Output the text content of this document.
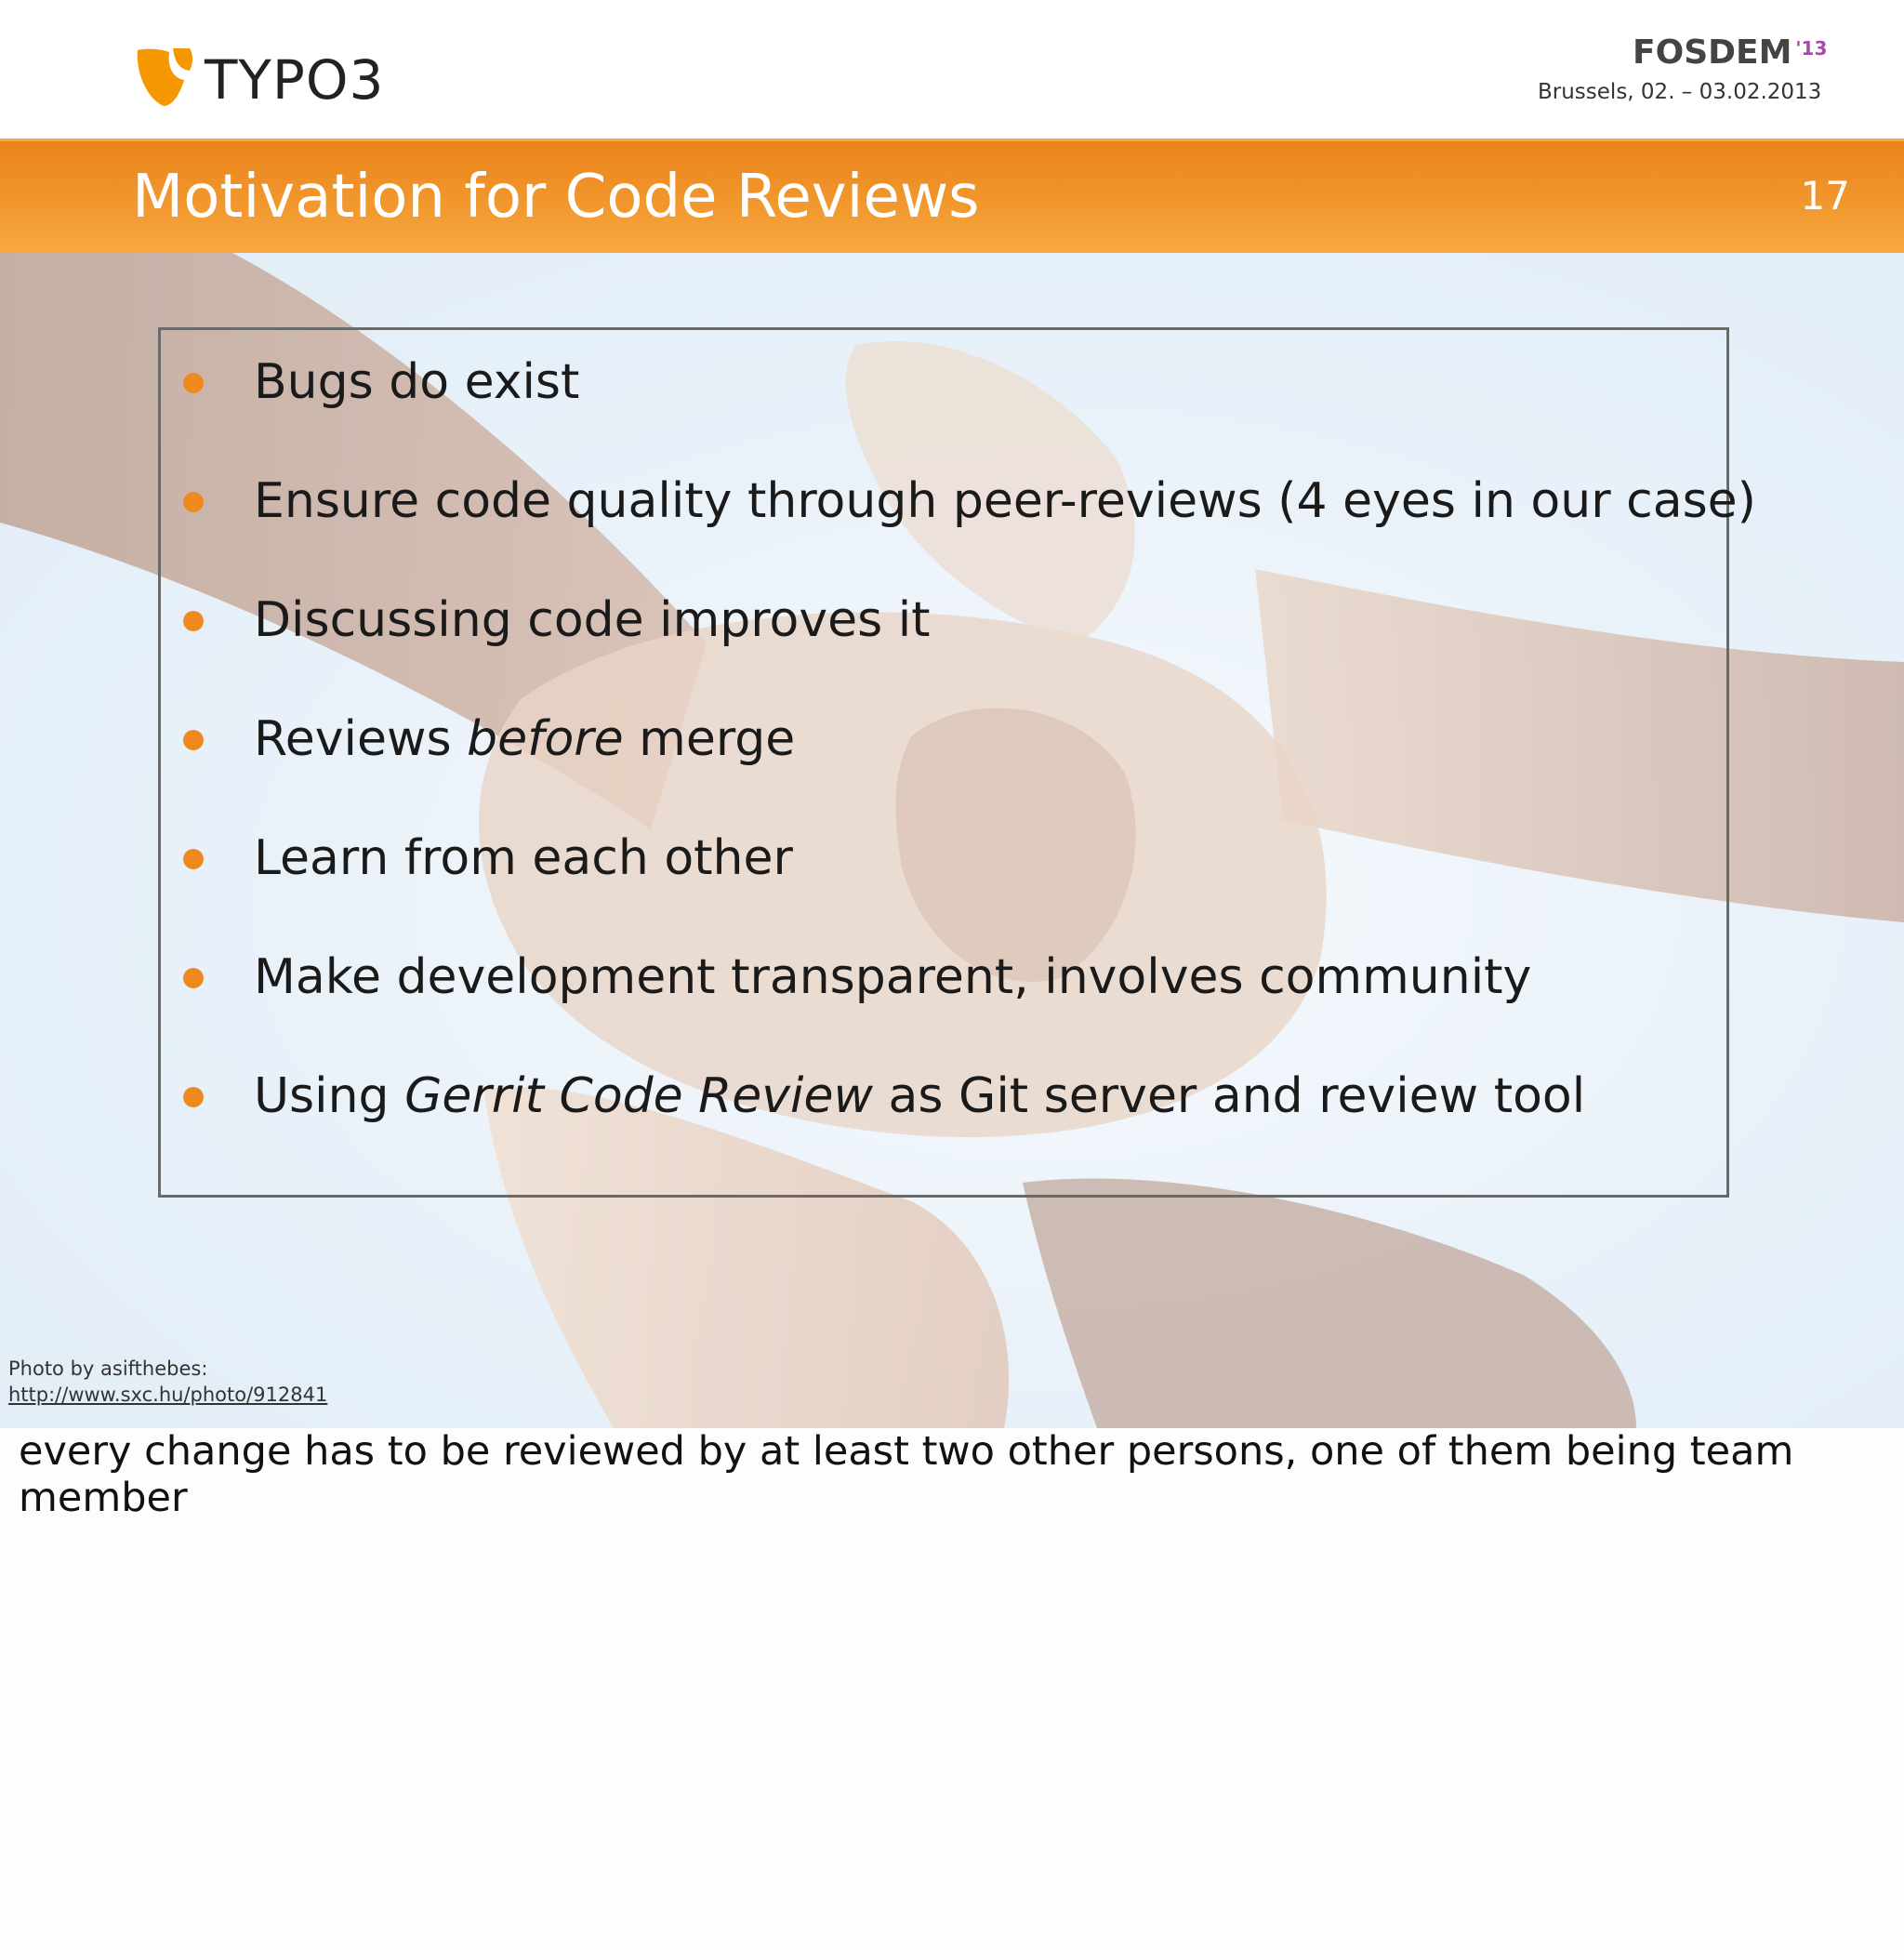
TYPO3	FOSDEM $^{'13}$
Brussels, 02. – 03.02.2013
Motivation for Code Reviews	17
Bugs do exist
Ensure code quality through peer-reviews (4 eyes in our case)
Discussing code improves it
Reviews before merge
Learn from each other
Make development transparent, involves community
Using Gerrit Code Review as Git server and review tool
Photo by asifthebes:
http://www.sxc.hu/photo/912841
every change has to be reviewed by at least two other persons, one of them being team member
